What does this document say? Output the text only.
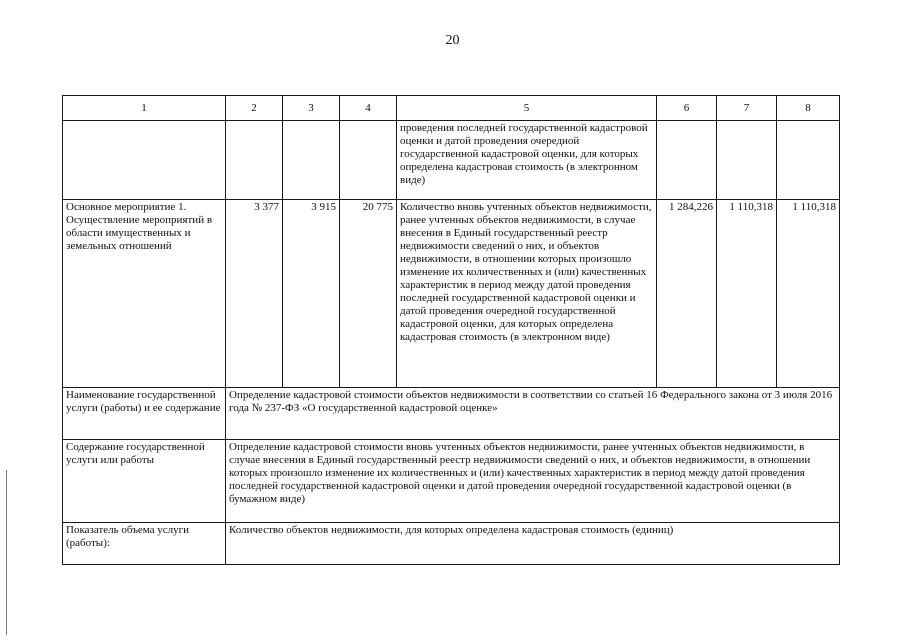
20
1	2	3	4	5	6	7	8
				проведения последней государственной кадастровой оценки и датой проведения очередной государственной кадастровой оценки, для которых определена кадастровая стоимость (в электронном виде)			
Основное мероприятие 1. Осуществление мероприятий в области имущественных и земельных отношений	3 377	3 915	20 775	Количество вновь учтенных объектов недвижимости, ранее учтенных объектов недвижимости, в случае внесения в Единый государственный реестр недвижимости сведений о них, и объектов недвижимости, в отношении которых произошло изменение их количественных и (или) качественных характеристик в период между датой проведения последней государственной кадастровой оценки и датой проведения очередной государственной кадастровой оценки, для которых определена кадастровая стоимость (в электронном виде)	1 284,226	1 110,318	1 110,318
Наименование государственной услуги (работы) и ее содержание	Определение кадастровой стоимости объектов недвижимости в соответствии со статьей 16 Федерального закона от 3 июля 2016 года № 237-ФЗ «О государственной кадастровой оценке»						
Содержание государственной услуги или работы	Определение кадастровой стоимости вновь учтенных объектов недвижимости, ранее учтенных объектов недвижимости, в случае внесения в Единый государственный реестр недвижимости сведений о них, и объектов недвижимости, в отношении которых произошло изменение их количественных и (или) качественных характеристик в период между датой проведения последней государственной кадастровой оценки и датой проведения очередной государственной кадастровой оценки (в бумажном виде)						
Показатель объема услуги (работы):	Количество объектов недвижимости, для которых определена кадастровая стоимость (единиц)						
